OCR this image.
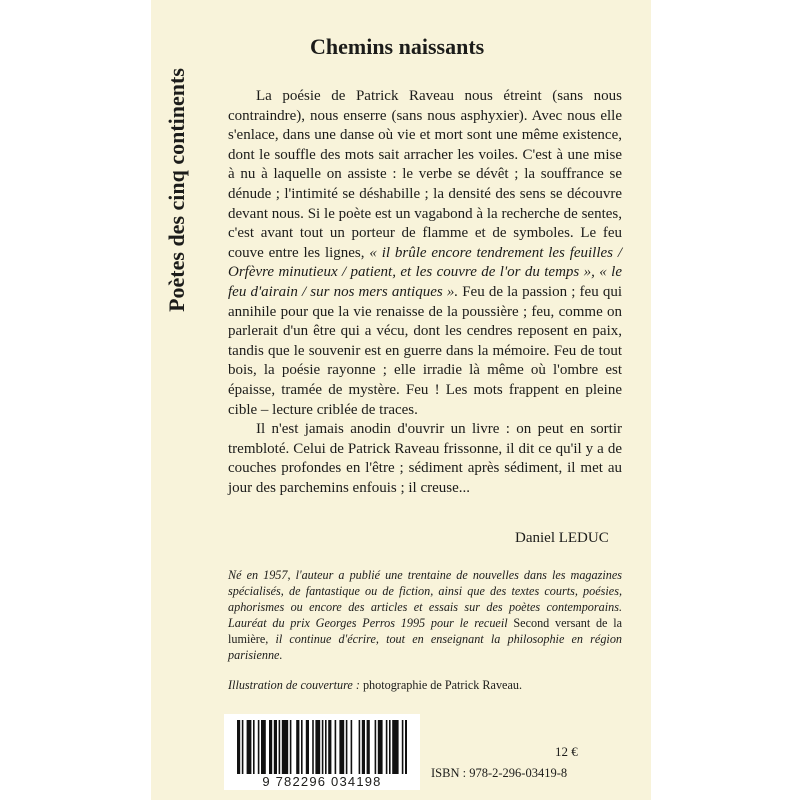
Poètes des cinq continents
Chemins naissants

La poésie de Patrick Raveau nous étreint (sans nous contraindre), nous enserre (sans nous asphyxier). Avec nous elle s'enlace, dans une danse où vie et mort sont une même existence, dont le souffle des mots sait arracher les voiles. C'est à une mise à nu à laquelle on assiste : le verbe se dévêt ; la souffrance se dénude ; l'intimité se déshabille ; la densité des sens se découvre devant nous. Si le poète est un vagabond à la recherche de sentes, c'est avant tout un porteur de flamme et de symboles. Le feu couve entre les lignes, « il brûle encore tendrement les feuilles / Orfèvre minutieux / patient, et les couvre de l'or du temps », « le feu d'airain / sur nos mers antiques ». Feu de la passion ; feu qui annihile pour que la vie renaisse de la poussière ; feu, comme on parlerait d'un être qui a vécu, dont les cendres reposent en paix, tandis que le souvenir est en guerre dans la mémoire. Feu de tout bois, la poésie rayonne ; elle irradie là même où l'ombre est épaisse, tramée de mystère. Feu ! Les mots frappent en pleine cible – lecture criblée de traces.

Il n'est jamais anodin d'ouvrir un livre : on peut en sortir trembloté. Celui de Patrick Raveau frissonne, il dit ce qu'il y a de couches profondes en l'être ; sédiment après sédiment, il met au jour des parchemins enfouis ; il creuse...

Daniel LEDUC

Né en 1957, l'auteur a publié une trentaine de nouvelles dans les magazines spécialisés, de fantastique ou de fiction, ainsi que des textes courts, poésies, aphorismes ou encore des articles et essais sur des poètes contemporains. Lauréat du prix Georges Perros 1995 pour le recueil Second versant de la lumière, il continue d'écrire, tout en enseignant la philosophie en région parisienne.

Illustration de couverture : photographie de Patrick Raveau.

9 782296 034198
12 €
ISBN : 978-2-296-03419-8
